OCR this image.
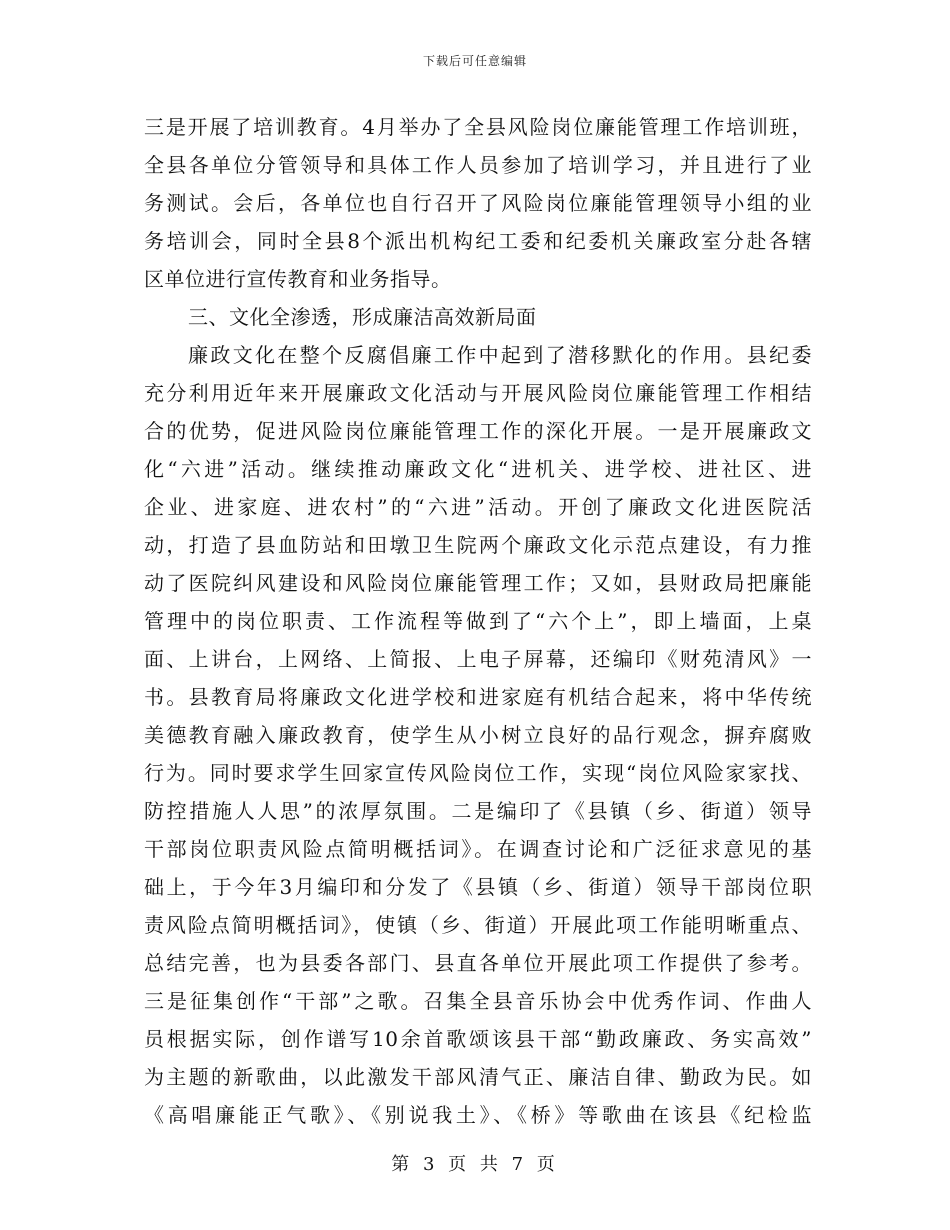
下载后可任意编辑
三是开展了培训教育。4月举办了全县风险岗位廉能管理工作培训班，
全县各单位分管领导和具体工作人员参加了培训学习，并且进行了业
务测试。会后，各单位也自行召开了风险岗位廉能管理领导小组的业
务培训会，同时全县8个派出机构纪工委和纪委机关廉政室分赴各辖
区单位进行宣传教育和业务指导。
三、文化全渗透，形成廉洁高效新局面
廉政文化在整个反腐倡廉工作中起到了潜移默化的作用。县纪委
充分利用近年来开展廉政文化活动与开展风险岗位廉能管理工作相结
合的优势，促进风险岗位廉能管理工作的深化开展。一是开展廉政文
化“六进”活动。继续推动廉政文化“进机关、进学校、进社区、进
企业、进家庭、进农村”的“六进”活动。开创了廉政文化进医院活
动，打造了县血防站和田墩卫生院两个廉政文化示范点建设，有力推
动了医院纠风建设和风险岗位廉能管理工作；又如，县财政局把廉能
管理中的岗位职责、工作流程等做到了“六个上”，即上墙面，上桌
面、上讲台，上网络、上简报、上电子屏幕，还编印《财苑清风》一
书。县教育局将廉政文化进学校和进家庭有机结合起来，将中华传统
美德教育融入廉政教育，使学生从小树立良好的品行观念，摒弃腐败
行为。同时要求学生回家宣传风险岗位工作，实现“岗位风险家家找、
防控措施人人思”的浓厚氛围。二是编印了《县镇（乡、街道）领导
干部岗位职责风险点简明概括词》。在调查讨论和广泛征求意见的基
础上，于今年3月编印和分发了《县镇（乡、街道）领导干部岗位职
责风险点简明概括词》，使镇（乡、街道）开展此项工作能明晰重点、
总结完善，也为县委各部门、县直各单位开展此项工作提供了参考。
三是征集创作“干部”之歌。召集全县音乐协会中优秀作词、作曲人
员根据实际，创作谱写10余首歌颂该县干部“勤政廉政、务实高效”
为主题的新歌曲，以此激发干部风清气正、廉洁自律、勤政为民。如
《高唱廉能正气歌》、《别说我土》、《桥》等歌曲在该县《纪检监
第 3 页 共 7 页
